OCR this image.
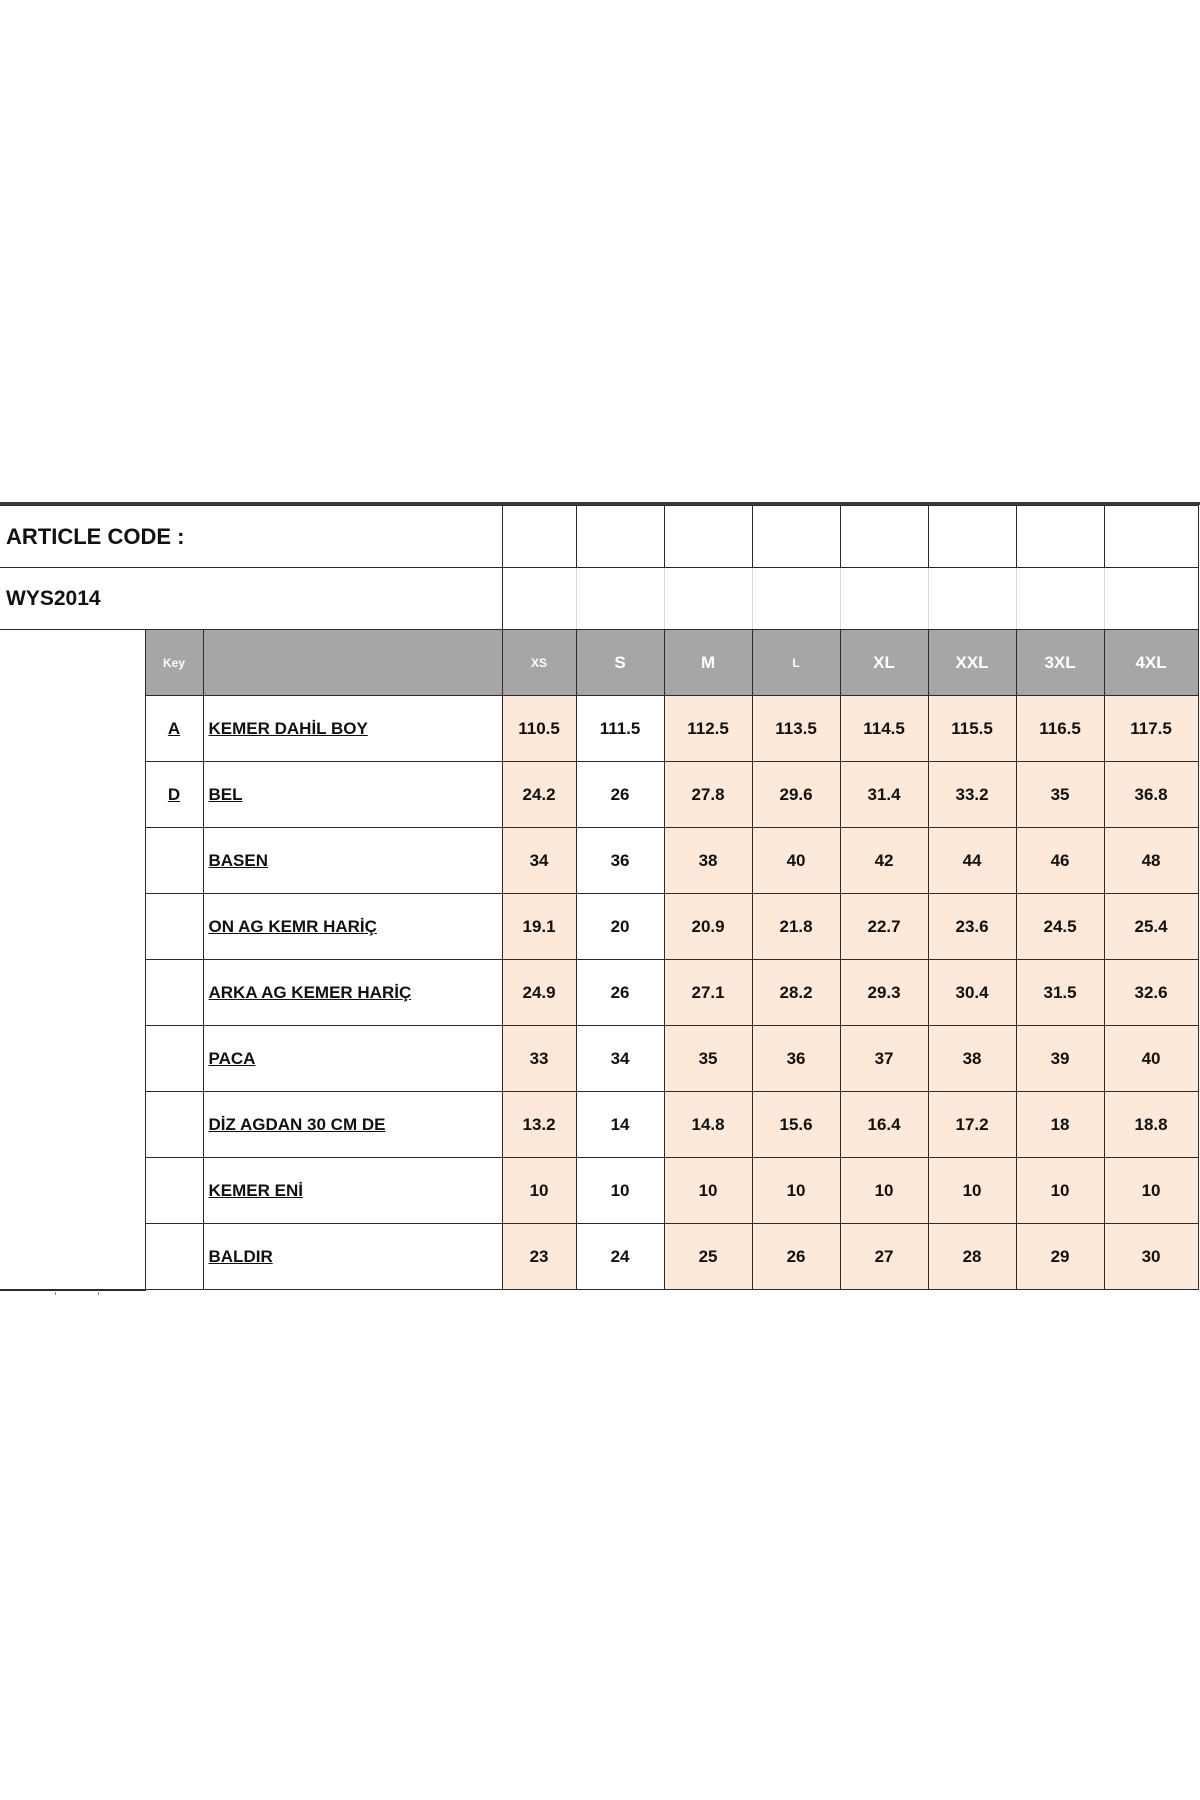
ARTICLE CODE :										
WYS2014										
	Key		XS	S	M	L	XL	XXL	3XL	4XL
	A	KEMER DAHİL BOY	110.5	111.5	112.5	113.5	114.5	115.5	116.5	117.5
	D	BEL	24.2	26	27.8	29.6	31.4	33.2	35	36.8
		BASEN	34	36	38	40	42	44	46	48
		ON AG KEMR HARİÇ	19.1	20	20.9	21.8	22.7	23.6	24.5	25.4
		ARKA AG KEMER HARİÇ	24.9	26	27.1	28.2	29.3	30.4	31.5	32.6
		PACA	33	34	35	36	37	38	39	40
		DİZ AGDAN 30 CM DE	13.2	14	14.8	15.6	16.4	17.2	18	18.8
		KEMER ENİ	10	10	10	10	10	10	10	10
		BALDIR	23	24	25	26	27	28	29	30
